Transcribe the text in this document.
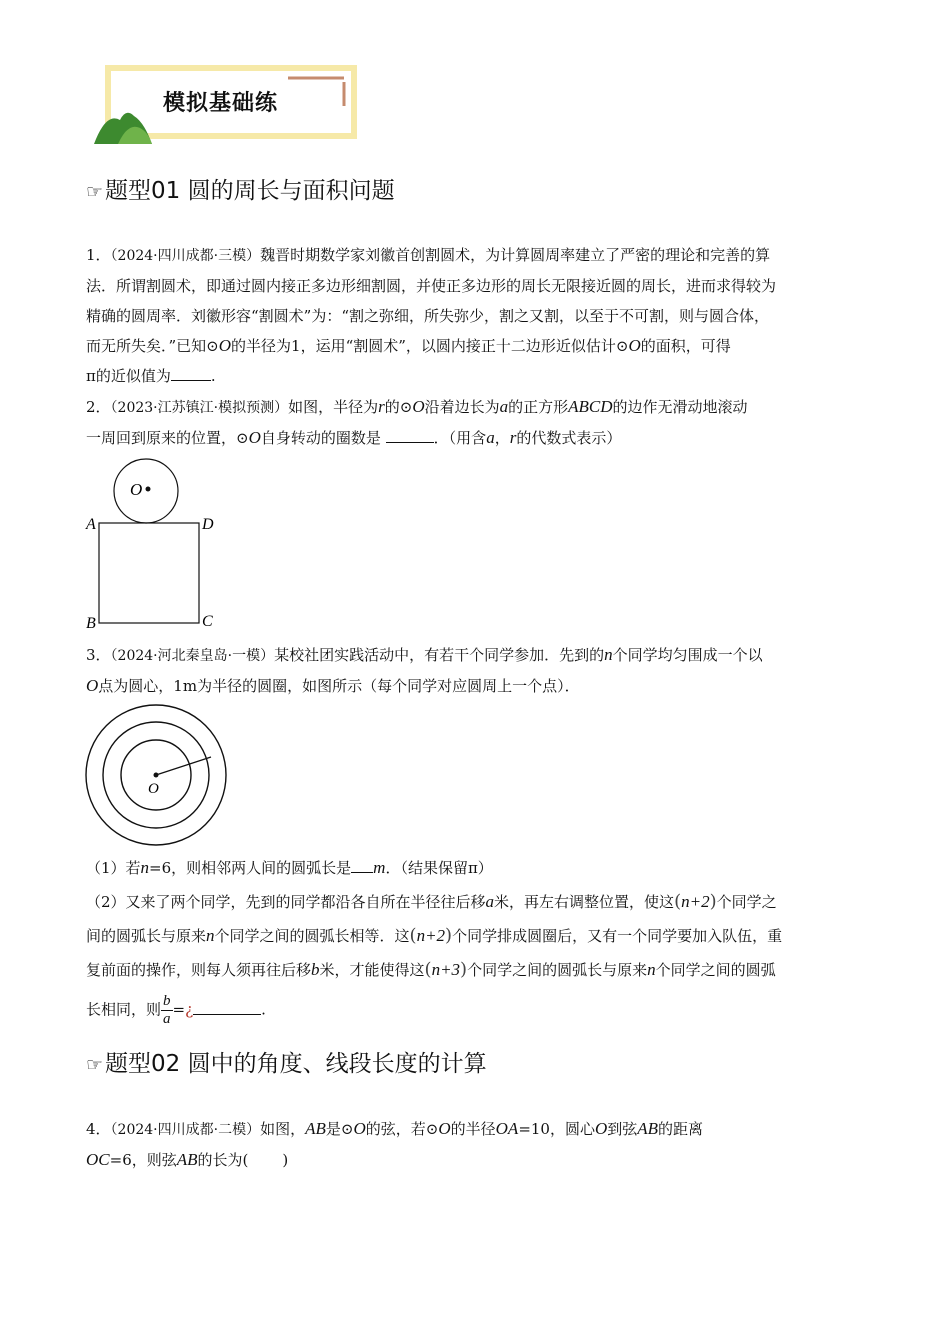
模拟基础练
☞题型01 圆的周长与面积问题
1．（2024·四川成都·三模）魏晋时期数学家刘徽首创割圆术，为计算圆周率建立了严密的理论和完善的算
法．所谓割圆术，即通过圆内接正多边形细割圆，并使正多边形的周长无限接近圆的周长，进而求得较为
精确的圆周率．刘徽形容“割圆术”为：“割之弥细，所失弥少，割之又割，以至于不可割，则与圆合体，
而无所失矣．”已知⊙O的半径为1，运用“割圆术”，以圆内接正十二边形近似估计⊙O的面积，可得
π的近似值为	.
2．（2023·江苏镇江·模拟预测）如图，半径为r的⊙O沿着边长为a的正方形ABCD的边作无滑动地滚动
一周回到原来的位置，⊙O自身转动的圈数是	．（用含a，r的代数式表示）
O
A	D
B	C
3．（2024·河北秦皇岛·一模）某校社团实践活动中，有若干个同学参加．先到的n个同学均匀围成一个以
O点为圆心，1m为半径的圆圈，如图所示（每个同学对应圆周上一个点）．
O
（1）若n=6，则相邻两人间的圆弧长是 m．（结果保留π）
（2）又来了两个同学，先到的同学都沿各自所在半径往后移a米，再左右调整位置，使这(n+2)个同学之
间的圆弧长与原来n个同学之间的圆弧长相等．这(n+2)个同学排成圆圈后，又有一个同学要加入队伍，重
复前面的操作，则每人须再往后移b米，才能使得这(n+3)个同学之间的圆弧长与原来n个同学之间的圆弧
长相同，则 $\frac{b}{a}$ =¿	.
☞题型02 圆中的角度、线段长度的计算
4．（2024·四川成都·二模）如图，AB是⊙O的弦，若⊙O的半径OA=10，圆心O到弦AB的距离
OC=6，则弦AB的长为( )
